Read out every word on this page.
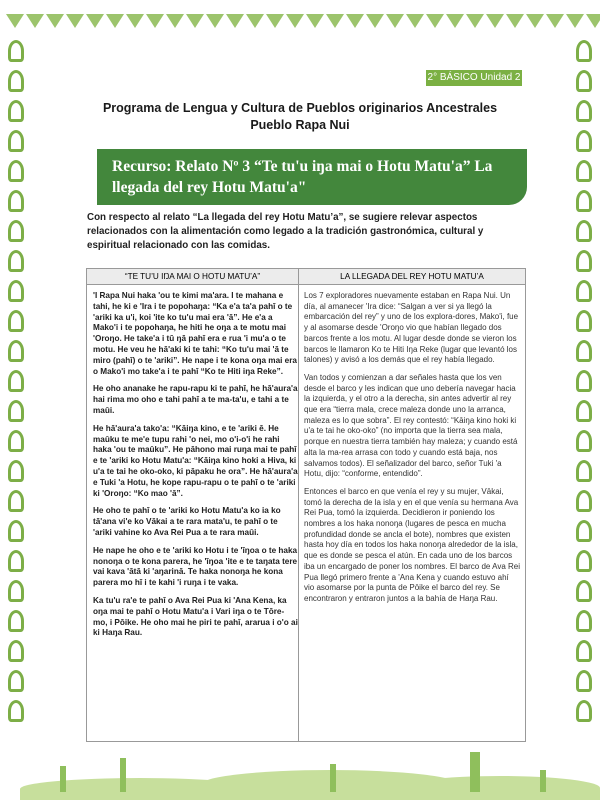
2° BÁSICO Unidad 2
Programa de Lengua y Cultura de Pueblos originarios Ancestrales
Pueblo Rapa Nui
Recurso: Relato Nº 3 “Te tu'u iŋa mai o Hotu Matu'a” La llegada del rey Hotu Matu'a"
Con respecto al relato “La llegada del rey Hotu Matu’a”, se sugiere relevar aspectos relacionados con la alimentación como legado a la tradición gastronómica, cultural y espiritual relacionado con las comidas.
“TE TU’U IŊA MAI O HOTU MATU’A”	LA LLEGADA DEL REY HOTU MATU’A

'I Rapa Nui haka 'ou te kimi ma'ara. I te mahana e tahi, he ki e 'Ira i te popohaŋa: “Ka e'a ta'a pahī o te 'ariki ka u'i, koi 'ite ko tu'u mai era 'ā”. He e'a a Mako'i i te popohaŋa, he hiti he oŋa a te motu mai 'Oroŋo. He take'a i tū ŋā pahī era e rua 'i mu'a o te motu. He veu he hā'aki ki te tahi: “Ko tu'u mai 'ā te miro (pahī) o te 'ariki”. He nape i te kona oŋa mai era o Mako'i mo take'a i te pahī “Ko te Hiti iŋa Reke”.

He oho ananake he rapu-rapu ki te pahī, he hā'aura'a hai rima mo oho e tahi pahī a te ma-ta'u, e tahi a te maûi.

He hā'aura'a tako'a: “Kāiŋa kino, e te 'ariki ē. He maûku te me'e tupu rahi 'o nei, mo o'i-o'i he rahi haka 'ou te maûku”. He pāhono mai ruŋa mai te pahī e te 'ariki ko Hotu Matu'a: “Kāiŋa kino hoki a Hiva, ki u'a te tai he oko-oko, ki pāpaku he ora”. He hā'aura'a e Tuki 'a Hotu, he kope rapu-rapu o te pahī o te 'ariki ki 'Oroŋo: “Ko mao 'ā”.

He oho te pahī o te 'ariki ko Hotu Matu'a ko ia ko tā'ana vi'e ko Vākai a te rara mata'u, te pahī o te 'ariki vahine ko Ava Rei Pua a te rara maûi.

He nape he oho e te 'ariki ko Hotu i te 'īŋoa o te haka nonoŋa o te kona parera, he 'īŋoa 'ite e te taŋata tere vai kava 'ātā ki 'aŋarinā. Te haka nonoŋa he kona parera mo hī i te kahi 'i ruŋa i te vaka.

Ka tu'u ra'e te pahī o Ava Rei Pua ki 'Ana Kena, ka oŋa mai te pahī o Hotu Matu'a i Vari iŋa o te Tōre-mo, i Pōike. He oho mai he piri te pahī, ararua i o'o ai ki Haŋa Rau.

Los 7 exploradores nuevamente estaban en Rapa Nui. Un día, al amanecer 'Ira dice: “Salgan a ver si ya llegó la embarcación del rey” y uno de los explora-dores, Mako'i, fue y al asomarse desde 'Oroŋo vio que habían llegado dos barcos frente a los motu. Al lugar desde donde se vieron los barcos le llamaron Ko te Hiti Iŋa Reke (lugar que levantó los talones) y avisó a los demás que el rey había llegado.

Van todos y comienzan a dar señales hasta que los ven desde el barco y les indican que uno debería navegar hacia la izquierda, y el otro a la derecha, sin antes advertir al rey que era “tierra mala, crece maleza donde uno la arranca, maleza es lo que sobra”. El rey contestó: “Kāiŋa kino hoki ki u'a te tai he oko-oko” (no importa que la tierra sea mala, porque en nuestra tierra también hay maleza; y cuando está alta la ma-rea arrasa con todo y cuando está baja, nos salvamos todos). El señalizador del barco, señor Tuki 'a Hotu, dijo: “conforme, entendido”.

Entonces el barco en que venía el rey y su mujer, Vākai, tomó la derecha de la isla y en el que venía su hermana Ava Rei Pua, tomó la izquierda. Decidieron ir poniendo los nombres a los haka nonoŋa (lugares de pesca en mucha profundidad donde se ancla el bote), nombres que existen hasta hoy día en todos los haka nonoŋa alrededor de la isla, que es donde se pesca el atún. En cada uno de los barcos iba un encargado de poner los nombres. El barco de Ava Rei Pua llegó primero frente a 'Ana Kena y cuando estuvo ahí vio asomarse por la punta de Pōike el barco del rey. Se encontraron y entraron juntos a la bahía de Haŋa Rau.
